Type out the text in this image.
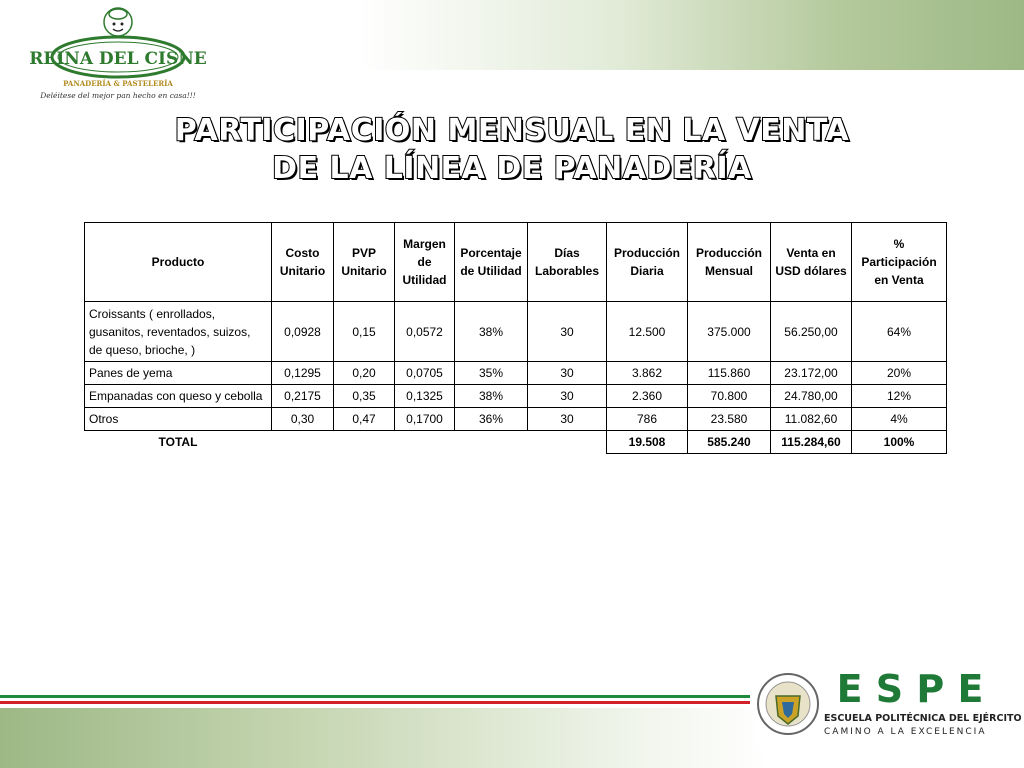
REINA DEL CISNE
PANADERÍA & PASTELERÍA
Deléitese del mejor pan hecho en casa!!!
PARTICIPACIÓN MENSUAL EN LA VENTA
DE LA LÍNEA DE PANADERÍA
Producto	Costo Unitario	PVP Unitario	Margen de Utilidad	Porcentaje de Utilidad	Días Laborables	Producción Diaria	Producción Mensual	Venta en USD dólares	% Participación en Venta
Croissants ( enrollados, gusanitos, reventados, suizos, de queso, brioche, )	0,0928	0,15	0,0572	38%	30	12.500	375.000	56.250,00	64%
Panes de yema	0,1295	0,20	0,0705	35%	30	3.862	115.860	23.172,00	20%
Empanadas con queso y cebolla	0,2175	0,35	0,1325	38%	30	2.360	70.800	24.780,00	12%
Otros	0,30	0,47	0,1700	36%	30	786	23.580	11.082,60	4%
TOTAL						19.508	585.240	115.284,60	100%
E S P E
ESCUELA POLITÉCNICA DEL EJÉRCITO
CAMINO A LA EXCELENCIA
